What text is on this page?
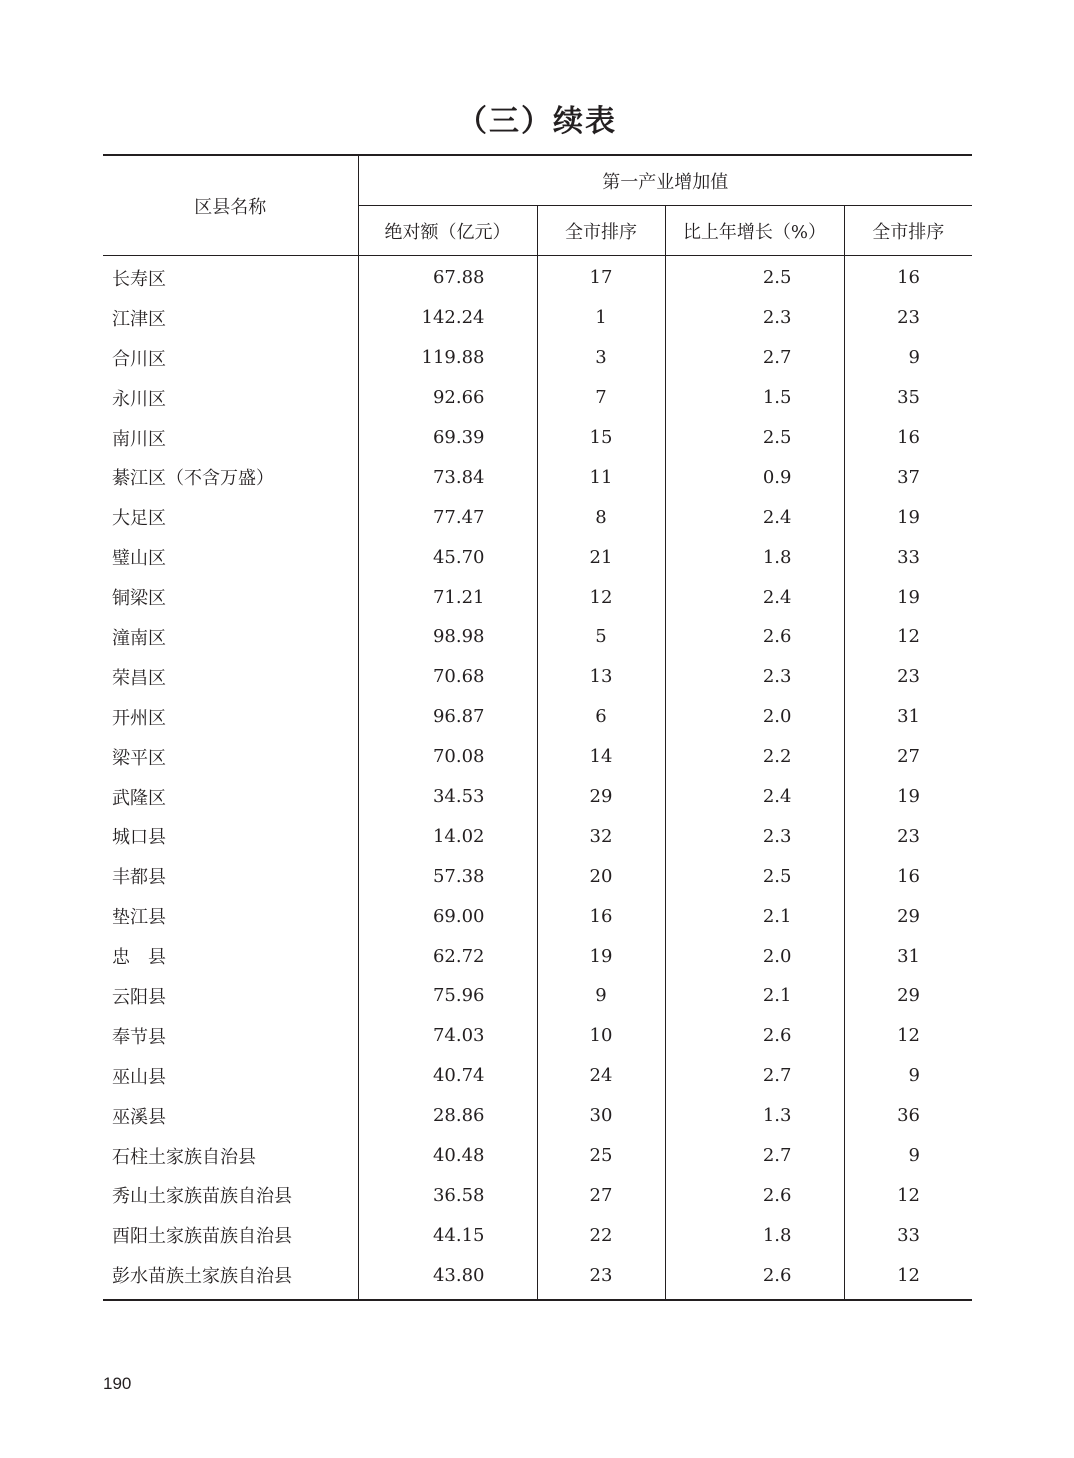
（三）续表
区县名称	第一产业增加值			
	绝对额（亿元）	全市排序	比上年增长（%）	全市排序
长寿区	67.88	17	2.5	16
江津区	142.24	1	2.3	23
合川区	119.88	3	2.7	9
永川区	92.66	7	1.5	35
南川区	69.39	15	2.5	16
綦江区（不含万盛）	73.84	11	0.9	37
大足区	77.47	8	2.4	19
璧山区	45.70	21	1.8	33
铜梁区	71.21	12	2.4	19
潼南区	98.98	5	2.6	12
荣昌区	70.68	13	2.3	23
开州区	96.87	6	2.0	31
梁平区	70.08	14	2.2	27
武隆区	34.53	29	2.4	19
城口县	14.02	32	2.3	23
丰都县	57.38	20	2.5	16
垫江县	69.00	16	2.1	29
忠　县	62.72	19	2.0	31
云阳县	75.96	9	2.1	29
奉节县	74.03	10	2.6	12
巫山县	40.74	24	2.7	9
巫溪县	28.86	30	1.3	36
石柱土家族自治县	40.48	25	2.7	9
秀山土家族苗族自治县	36.58	27	2.6	12
酉阳土家族苗族自治县	44.15	22	1.8	33
彭水苗族土家族自治县	43.80	23	2.6	12
190
